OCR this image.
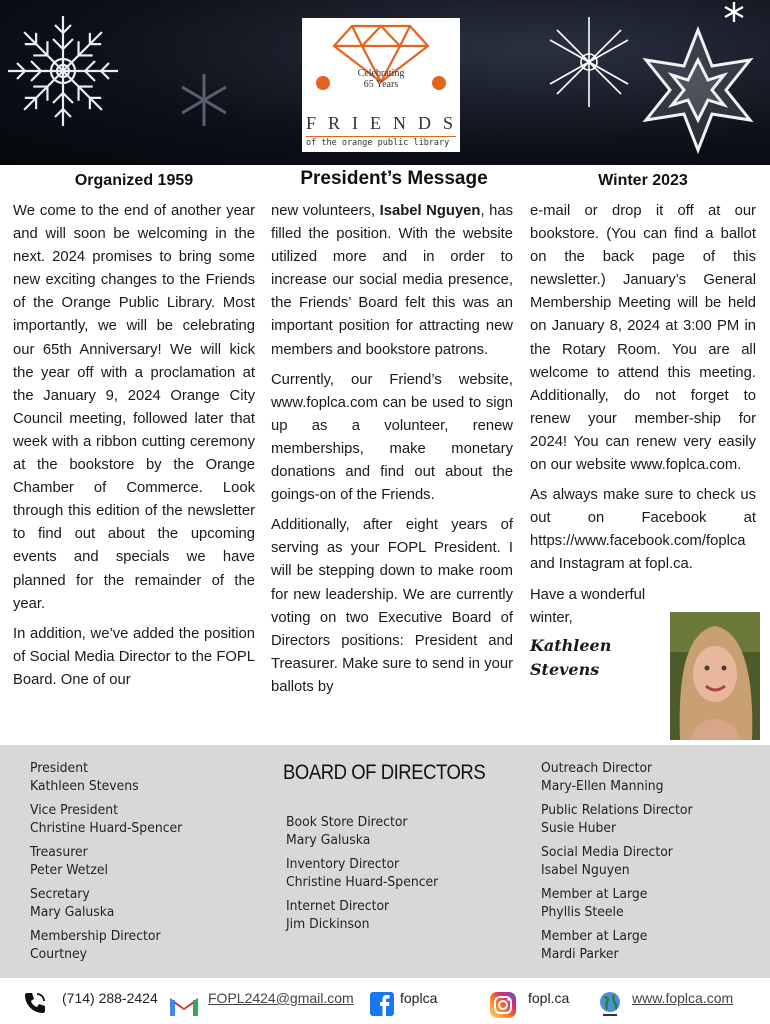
Celebrating
65 Years
FRIENDS
of the orange public library
Organized 1959	President’s Message	Winter 2023

We come to the end of another year and will soon be welcoming in the next. 2024 promises to bring some new exciting changes to the Friends of the Orange Public Library. Most importantly, we will be celebrating our 65th Anniversary! We will kick the year off with a proclamation at the January 9, 2024 Orange City Council meeting, followed later that week with a ribbon cutting ceremony at the bookstore by the Orange Chamber of Commerce. Look through this edition of the newsletter to find out about the upcoming events and specials we have planned for the remainder of the year.

In addition, we’ve added the position of Social Media Director to the FOPL Board. One of our

new volunteers, Isabel Nguyen, has filled the position. With the website utilized more and in order to increase our social media presence, the Friends’ Board felt this was an important position for attracting new members and bookstore patrons.

Currently, our Friend’s website, www.foplca.com can be used to sign up as a volunteer, renew memberships, make monetary donations and find out about the goings-on of the Friends.

Additionally, after eight years of serving as your FOPL President. I will be stepping down to make room for new leadership. We are currently voting on two Executive Board of Directors positions: President and Treasurer. Make sure to send in your ballots by

e-mail or drop it off at our bookstore. (You can find a ballot on the back page of this newsletter.) January’s General Membership Meeting will be held on January 8, 2024 at 3:00 PM in the Rotary Room. You are all welcome to attend this meeting. Additionally, do not forget to renew your member-ship for 2024! You can renew very easily on our website www.foplca.com.

As always make sure to check us out on Facebook at https://www.facebook.com/foplca and Instagram at fopl.ca.

Have a wonderful
winter,
Kathleen
Stevens
BOARD OF DIRECTORS
President
Kathleen Stevens
Vice President
Christine Huard-Spencer
Treasurer
Peter Wetzel
Secretary
Mary Galuska
Membership Director
Courtney
Book Store Director
Mary Galuska
Inventory Director
Christine Huard-Spencer
Internet Director
Jim Dickinson
Outreach Director
Mary-Ellen Manning
Public Relations Director
Susie Huber
Social Media Director
Isabel Nguyen
Member at Large
Phyllis Steele
Member at Large
Mardi Parker
(714) 288-2424	FOPL2424@gmail.com	foplca	fopl.ca	www.foplca.com
